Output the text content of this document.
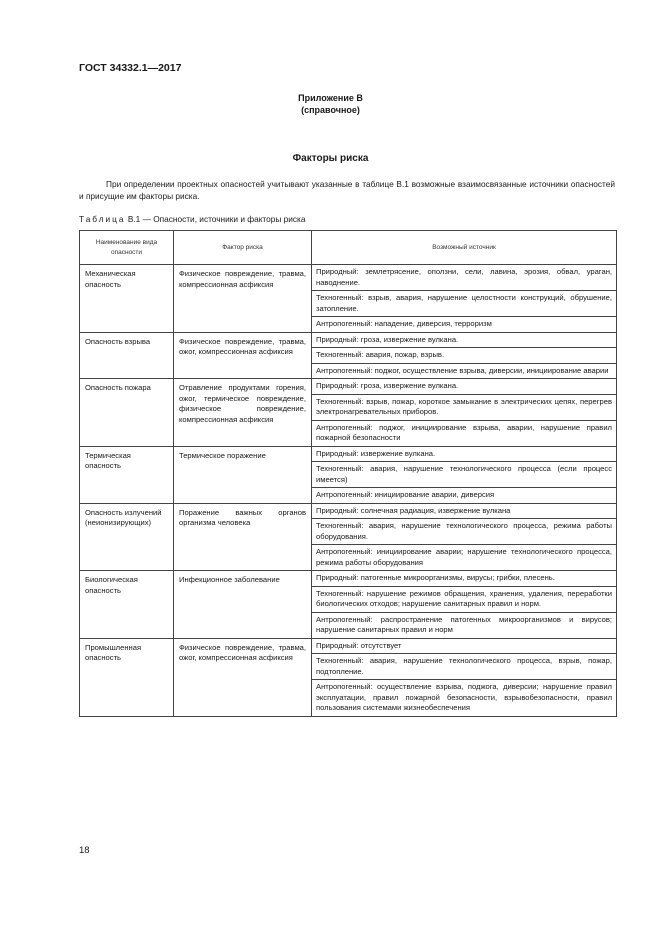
ГОСТ 34332.1—2017
Приложение В
(справочное)
Факторы риска
При определении проектных опасностей учитывают указанные в таблице В.1 возможные взаимосвязанные источники опасностей и присущие им факторы риска.
Таблица В.1 — Опасности, источники и факторы риска
Наименование вида опасности	Фактор риска	Возможный источник
Механическая опасность	Физическое повреждение, травма, компрессионная асфиксия	Природный: землетрясение, оползни, сели, лавина, эрозия, обвал, ураган, наводнение.
Техногенный: взрыв, авария, нарушение целостности конструкций, обрушение, затопление.
Антропогенный: нападение, диверсия, терроризм

Опасность взрыва	Физическое повреждение, травма, ожог, компрессионная асфиксия	Природный: гроза, извержение вулкана.
Техногенный: авария, пожар, взрыв.
Антропогенный: поджог, осуществление взрыва, диверсии, инициирование аварии

Опасность пожара	Отравление продуктами горения, ожог, термическое повреждение, физическое повреждение, компрессионная асфиксия	Природный: гроза, извержение вулкана.
Техногенный: взрыв, пожар, короткое замыкание в электрических цепях, перегрев электронагревательных приборов.
Антропогенный: поджог, инициирование взрыва, аварии, нарушение правил пожарной безопасности

Термическая опасность	Термическое поражение	Природный: извержение вулкана.
Техногенный: авария, нарушение технологического процесса (если процесс имеется)
Антропогенный: инициирование аварии, диверсия

Опасность излучений (неионизирующих)	Поражение важных органов организма человека	Природный: солнечная радиация, извержение вулкана
Техногенный: авария, нарушение технологического процесса, режима работы оборудования.
Антропогенный: инициирование аварии; нарушение технологического процесса, режима работы оборудования

Биологическая опасность	Инфекционное заболевание	Природный: патогенные микроорганизмы, вирусы; грибки, плесень.
Техногенный: нарушение режимов обращения, хранения, удаления, переработки биологических отходов; нарушение санитарных правил и норм.
Антропогенный: распространение патогенных микроорганизмов и вирусов; нарушение санитарных правил и норм

Промышленная опасность	Физическое повреждение, травма, ожог, компрессионная асфиксия	Природный: отсутствует
Техногенный: авария, нарушение технологического процесса, взрыв, пожар, подтопление.
Антропогенный: осуществление взрыва, поджога, диверсии; нарушение правил эксплуатации, правил пожарной безопасности, взрывобезопасности, правил пользования системами жизнеобеспечения
18
